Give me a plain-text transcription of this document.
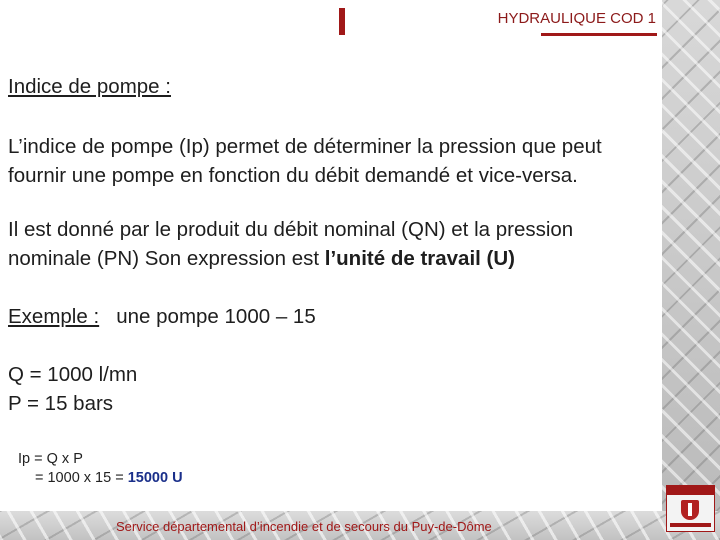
HYDRAULIQUE COD 1
Indice de pompe :
L’indice de pompe (Ip) permet de déterminer la pression que peut
fournir une pompe en fonction du débit demandé et vice-versa.
Il est donné par le produit du débit nominal (QN) et la pression
nominale (PN) Son expression est l’unité de travail (U)
Exemple : une pompe 1000 – 15
Q = 1000 l/mn
P = 15 bars
Ip = Q x P
= 1000 x 15 = 15000 U
Service départemental d’incendie et de secours du Puy-de-Dôme
